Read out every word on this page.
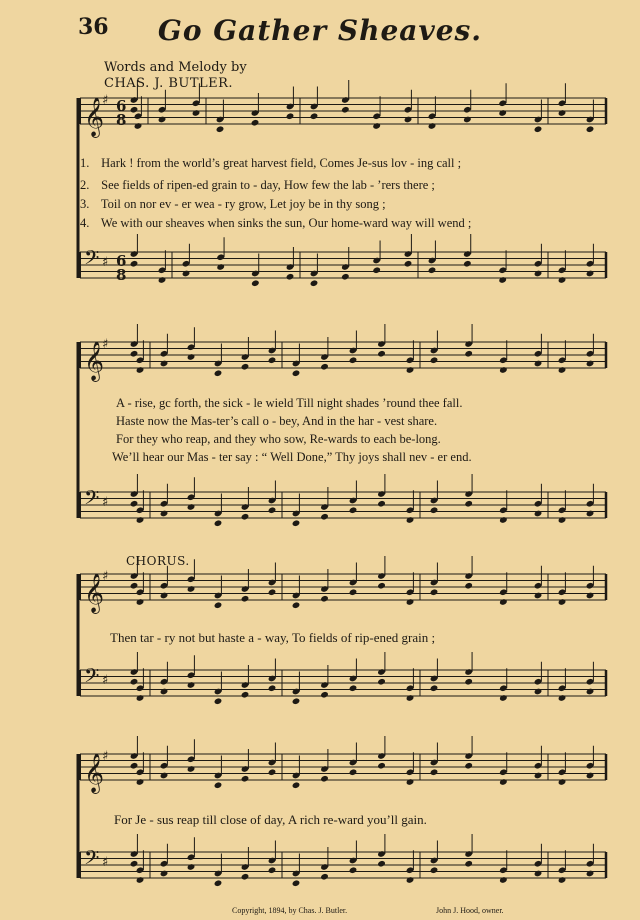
36	Go Gather Sheaves.
Words and Melody by
CHAS. J. BUTLER.
𝄞
♯
𝄢 ♯
𝄞
♯
𝄢 ♯
𝄞
♯
𝄢 ♯
𝄞
♯
𝄢 ♯
6
8
6
8
1. Hark ! from the world’s great harvest field, Comes Je-sus lov - ing call ;
2. See fields of ripen-ed grain to - day, How few the lab - ’rers there ;
3. Toil on nor ev - er wea - ry grow, Let joy be in thy song ;
4. We with our sheaves when sinks the sun, Our home-ward way will wend ;
A - rise, gc forth, the sick - le wield Till night shades ’round thee fall.
Haste now the Mas-ter’s call o - bey, And in the har - vest share.
For they who reap, and they who sow, Re-wards to each be-long.
We’ll hear our Mas - ter say : “ Well Done,” Thy joys shall nev - er end.
CHORUS.
Then tar - ry not but haste a - way, To fields of rip-ened grain ;
For Je - sus reap till close of day, A rich re-ward you’ll gain.
Copyright, 1894, by Chas. J. Butler.	John J. Hood, owner.
